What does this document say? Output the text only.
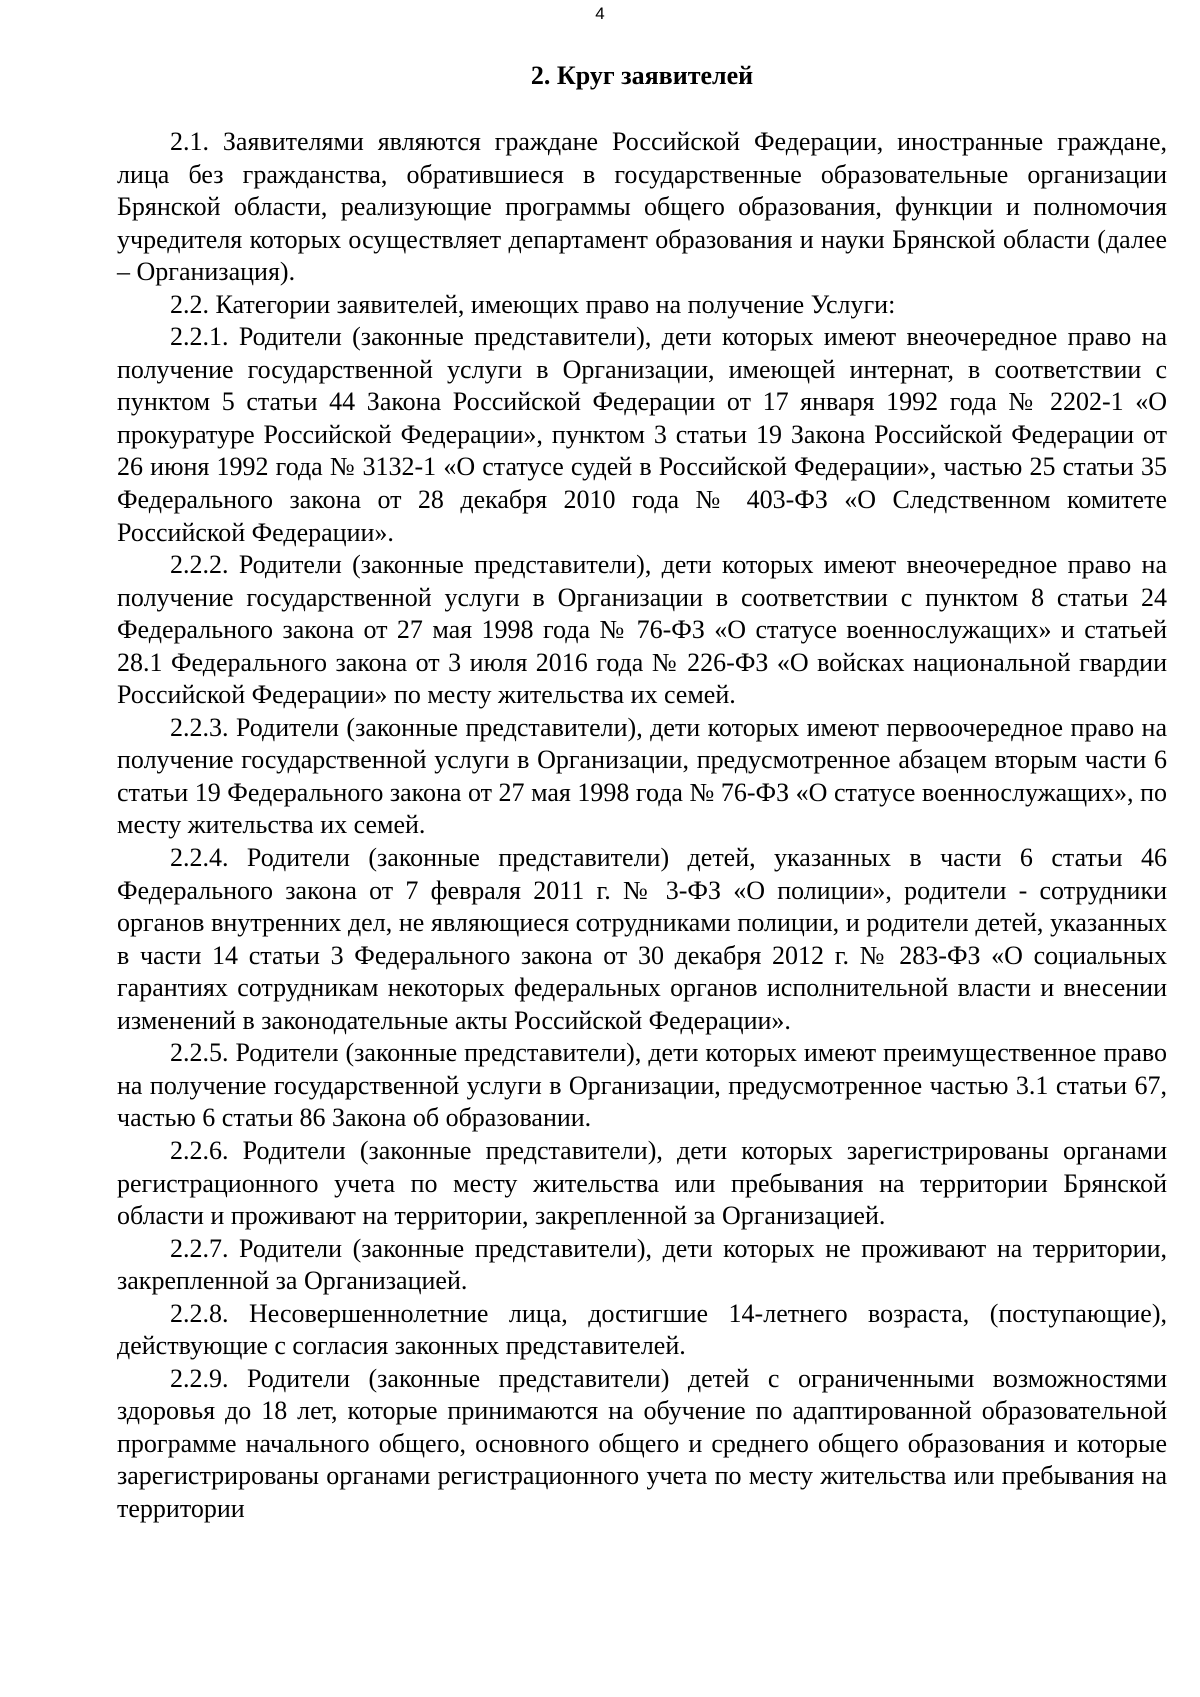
4
2. Круг заявителей

2.1. Заявителями являются граждане Российской Федерации, иностранные граждане, лица без гражданства, обратившиеся в государственные образовательные организации Брянской области, реализующие программы общего образования, функции и полномочия учредителя которых осуществляет департамент образования и науки Брянской области (далее – Организация).

2.2. Категории заявителей, имеющих право на получение Услуги:

2.2.1. Родители (законные представители), дети которых имеют внеочередное право на получение государственной услуги в Организации, имеющей интернат, в соответствии с пунктом 5 статьи 44 Закона Российской Федерации от 17 января 1992 года № 2202-1 «О прокуратуре Российской Федерации», пунктом 3 статьи 19 Закона Российской Федерации от 26 июня 1992 года № 3132-1 «О статусе судей в Российской Федерации», частью 25 статьи 35 Федерального закона от 28 декабря 2010 года № 403-ФЗ «О Следственном комитете Российской Федерации».

2.2.2. Родители (законные представители), дети которых имеют внеочередное право на получение государственной услуги в Организации в соответствии с пунктом 8 статьи 24 Федерального закона от 27 мая 1998 года № 76-ФЗ «О статусе военнослужащих» и статьей 28.1 Федерального закона от 3 июля 2016 года № 226-ФЗ «О войсках национальной гвардии Российской Федерации» по месту жительства их семей.

2.2.3. Родители (законные представители), дети которых имеют первоочередное право на получение государственной услуги в Организации, предусмотренное абзацем вторым части 6 статьи 19 Федерального закона от 27 мая 1998 года № 76-ФЗ «О статусе военнослужащих», по месту жительства их семей.

2.2.4. Родители (законные представители) детей, указанных в части 6 статьи 46 Федерального закона от 7 февраля 2011 г. № 3-ФЗ «О полиции», родители - сотрудники органов внутренних дел, не являющиеся сотрудниками полиции, и родители детей, указанных в части 14 статьи 3 Федерального закона от 30 декабря 2012 г. № 283-ФЗ «О социальных гарантиях сотрудникам некоторых федеральных органов исполнительной власти и внесении изменений в законодательные акты Российской Федерации».

2.2.5. Родители (законные представители), дети которых имеют преимущественное право на получение государственной услуги в Организации, предусмотренное частью 3.1 статьи 67, частью 6 статьи 86 Закона об образовании.

2.2.6. Родители (законные представители), дети которых зарегистрированы органами регистрационного учета по месту жительства или пребывания на территории Брянской области и проживают на территории, закрепленной за Организацией.

2.2.7. Родители (законные представители), дети которых не проживают на территории, закрепленной за Организацией.

2.2.8. Несовершеннолетние лица, достигшие 14-летнего возраста, (поступающие), действующие с согласия законных представителей.

2.2.9. Родители (законные представители) детей с ограниченными возможностями здоровья до 18 лет, которые принимаются на обучение по адаптированной образовательной программе начального общего, основного общего и среднего общего образования и которые зарегистрированы органами регистрационного учета по месту жительства или пребывания на территории
